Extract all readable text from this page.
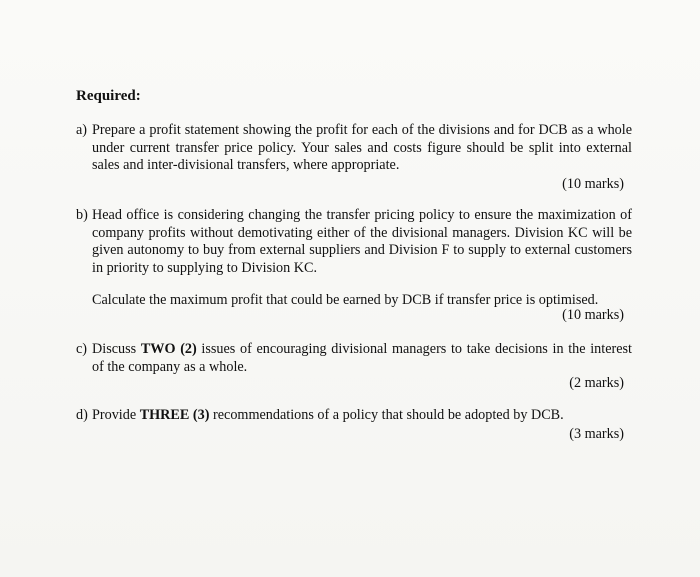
Required:
a) Prepare a profit statement showing the profit for each of the divisions and for DCB as a whole under current transfer price policy. Your sales and costs figure should be split into external sales and inter-divisional transfers, where appropriate.
(10 marks)
b) Head office is considering changing the transfer pricing policy to ensure the maximization of company profits without demotivating either of the divisional managers. Division KC will be given autonomy to buy from external suppliers and Division F to supply to external customers in priority to supplying to Division KC.
Calculate the maximum profit that could be earned by DCB if transfer price is optimised.
(10 marks)
c) Discuss TWO (2) issues of encouraging divisional managers to take decisions in the interest of the company as a whole.
(2 marks)
d) Provide THREE (3) recommendations of a policy that should be adopted by DCB.
(3 marks)
